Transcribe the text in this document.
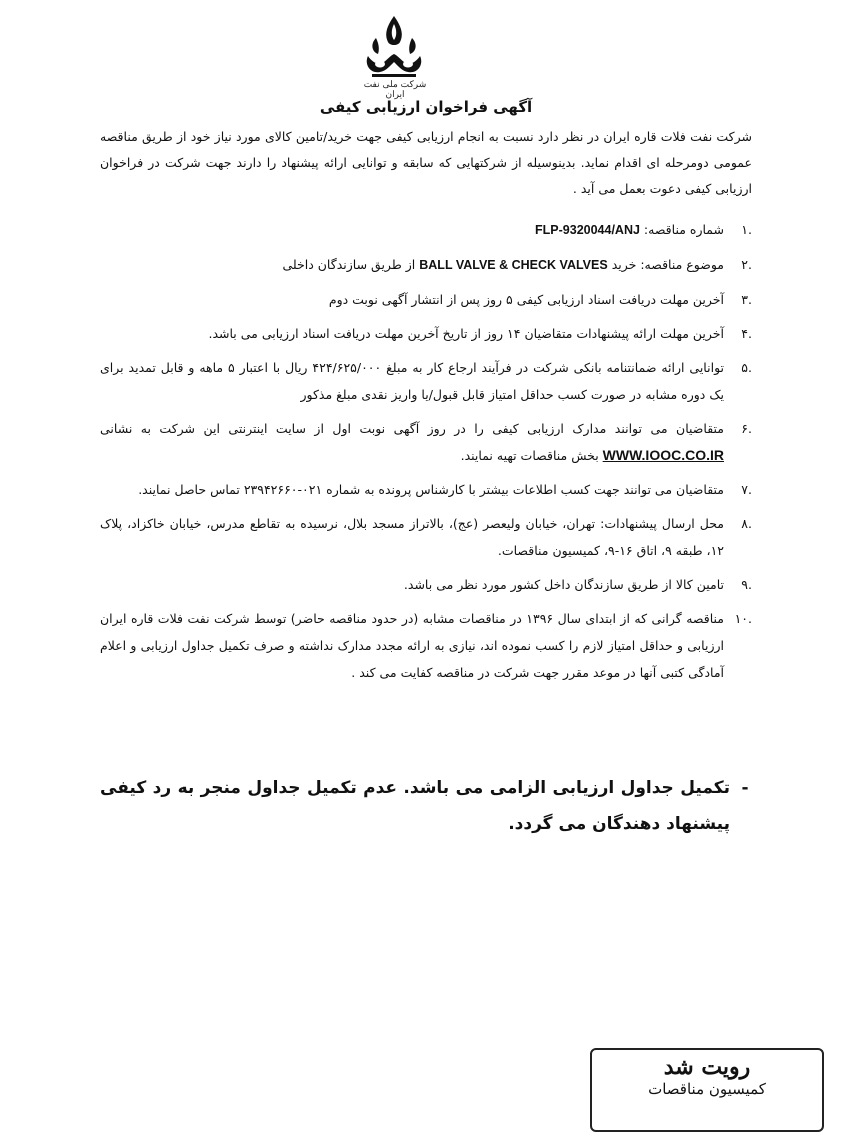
شرکت ملی نفت ایران
آگهی فراخوان ارزیابی کیفی
شرکت نفت فلات قاره ایران در نظر دارد نسبت به انجام ارزیابی کیفی جهت خرید/تامین کالای مورد نیاز خود از طریق مناقصه عمومی دومرحله ای اقدام نماید. بدینوسیله از شرکتهایی که سابقه و توانایی ارائه پیشنهاد را دارند جهت شرکت در فراخوان ارزیابی کیفی دعوت بعمل می آید .
.۱
شماره مناقصه: FLP-9320044/ANJ
.۲
موضوع مناقصه: خرید BALL VALVE & CHECK VALVES از طریق سازندگان داخلی
.۳
آخرین مهلت دریافت اسناد ارزیابی کیفی ۵ روز پس از انتشار آگهی نوبت دوم
.۴
آخرین مهلت ارائه پیشنهادات متقاضیان ۱۴ روز از تاریخ آخرین مهلت دریافت اسناد ارزیابی می باشد.
.۵
توانایی ارائه ضمانتنامه بانکی شرکت در فرآیند ارجاع کار به مبلغ ۴۲۴/۶۲۵/۰۰۰ ریال با اعتبار ۵ ماهه و قابل تمدید برای یک دوره مشابه در صورت کسب حداقل امتیاز قابل قبول/یا واریز نقدی مبلغ مذکور
.۶
متقاضیان می توانند مدارک ارزیابی کیفی را در روز آگهی نوبت اول از سایت اینترنتی این شرکت به نشانی WWW.IOOC.CO.IR بخش مناقصات تهیه نمایند.
.۷
متقاضیان می توانند جهت کسب اطلاعات بیشتر با کارشناس پرونده به شماره ۰۲۱-۲۳۹۴۲۶۶۰ تماس حاصل نمایند.
.۸
محل ارسال پیشنهادات: تهران، خیابان ولیعصر (عج)، بالاتراز مسجد بلال، نرسیده به تقاطع مدرس، خیابان خاکزاد، پلاک ۱۲، طبقه ۹، اتاق ۱۶-۹، کمیسیون مناقصات.
.۹
تامین کالا از طریق سازندگان داخل کشور مورد نظر می باشد.
.۱۰
مناقصه گرانی که از ابتدای سال ۱۳۹۶ در مناقصات مشابه (در حدود مناقصه حاضر) توسط شرکت نفت فلات قاره ایران ارزیابی و حداقل امتیاز لازم را کسب نموده اند، نیازی به ارائه مجدد مدارک نداشته و صرف تکمیل جداول ارزیابی و اعلام آمادگی کتبی آنها در موعد مقرر جهت شرکت در مناقصه کفایت می کند .
-
تکمیل جداول ارزیابی الزامی می باشد. عدم تکمیل جداول منجر به رد کیفی پیشنهاد دهندگان می گردد.
رویت شد
کمیسیون مناقصات
